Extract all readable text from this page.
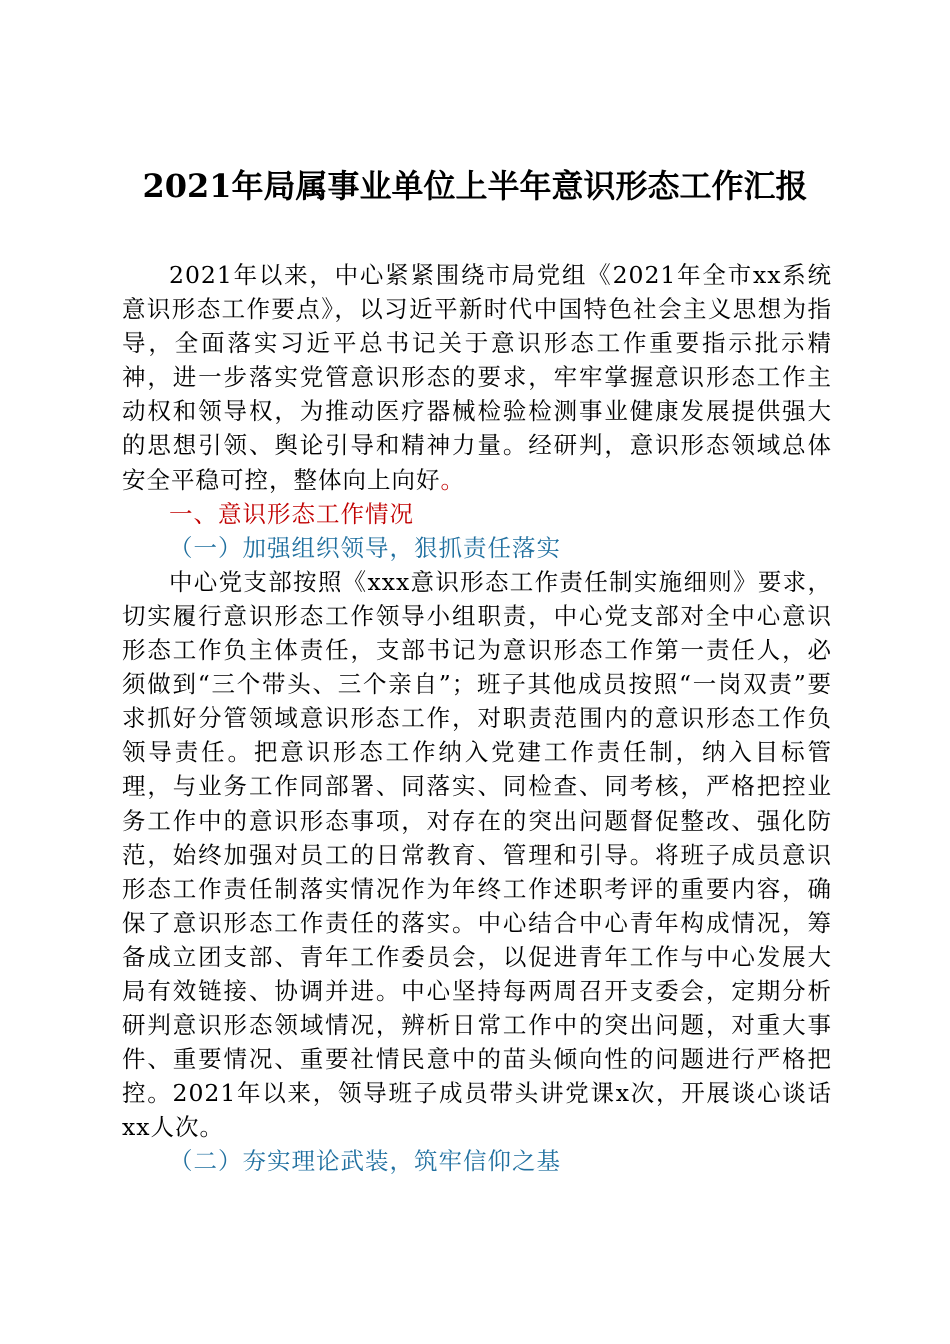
2021年局属事业单位上半年意识形态工作汇报

2021年以来，中心紧紧围绕市局党组《2021年全市xx系统意识形态工作要点》，以习近平新时代中国特色社会主义思想为指导，全面落实习近平总书记关于意识形态工作重要指示批示精神，进一步落实党管意识形态的要求，牢牢掌握意识形态工作主动权和领导权，为推动医疗器械检验检测事业健康发展提供强大的思想引领、舆论引导和精神力量。经研判，意识形态领域总体安全平稳可控，整体向上向好。

一、意识形态工作情况

（一）加强组织领导，狠抓责任落实

中心党支部按照《xxx意识形态工作责任制实施细则》要求，切实履行意识形态工作领导小组职责，中心党支部对全中心意识形态工作负主体责任，支部书记为意识形态工作第一责任人，必须做到“三个带头、三个亲自”；班子其他成员按照“一岗双责”要求抓好分管领域意识形态工作，对职责范围内的意识形态工作负领导责任。把意识形态工作纳入党建工作责任制，纳入目标管理，与业务工作同部署、同落实、同检查、同考核，严格把控业务工作中的意识形态事项，对存在的突出问题督促整改、强化防范，始终加强对员工的日常教育、管理和引导。将班子成员意识形态工作责任制落实情况作为年终工作述职考评的重要内容，确保了意识形态工作责任的落实。中心结合中心青年构成情况，筹备成立团支部、青年工作委员会，以促进青年工作与中心发展大局有效链接、协调并进。中心坚持每两周召开支委会，定期分析研判意识形态领域情况，辨析日常工作中的突出问题，对重大事件、重要情况、重要社情民意中的苗头倾向性的问题进行严格把控。2021年以来，领导班子成员带头讲党课x次，开展谈心谈话xx人次。

（二）夯实理论武装，筑牢信仰之基
